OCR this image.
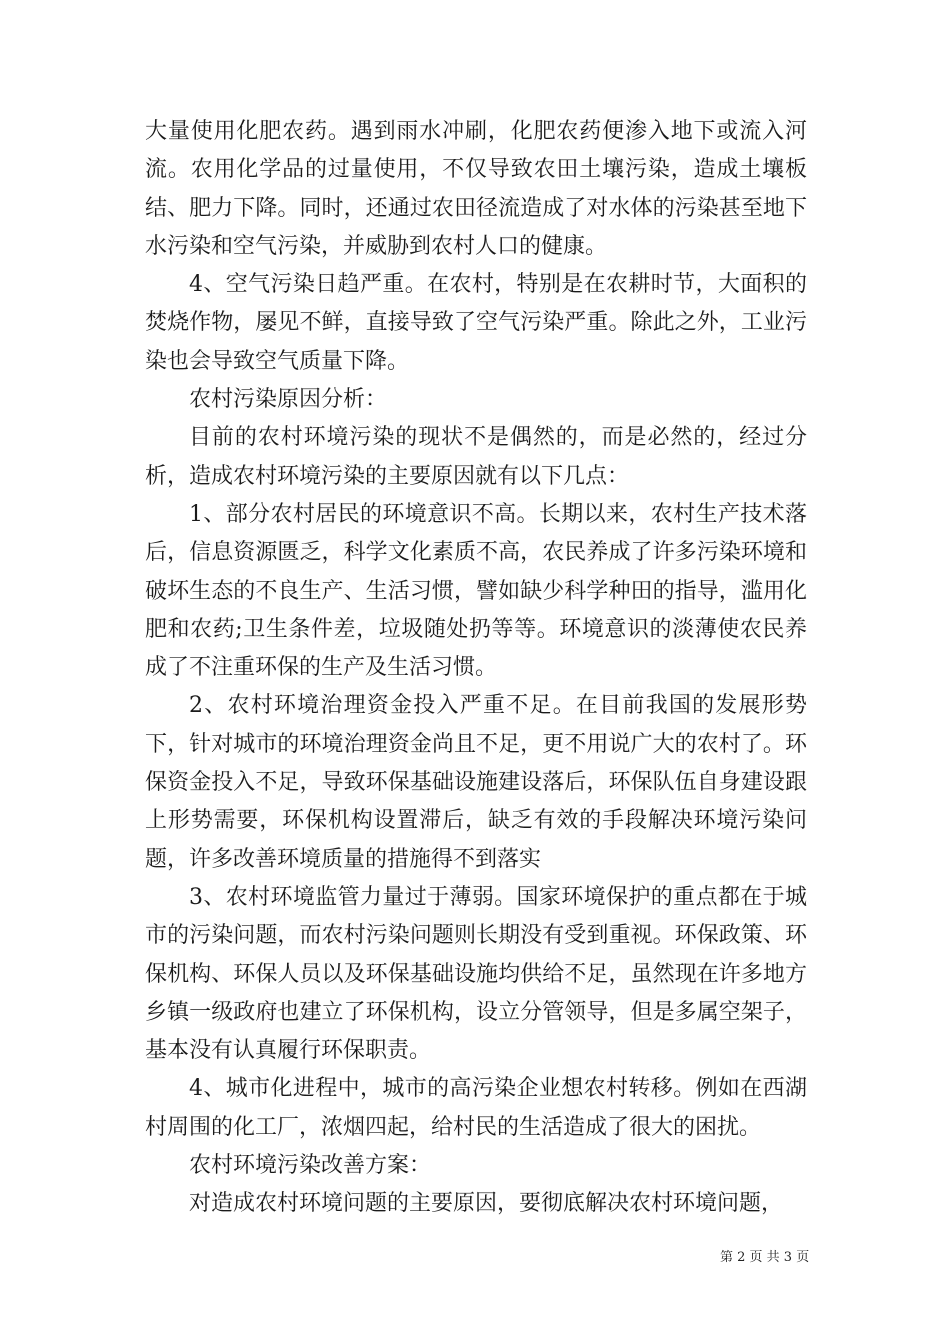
大量使用化肥农药。遇到雨水冲刷，化肥农药便渗入地下或流入河流。农用化学品的过量使用，不仅导致农田土壤污染，造成土壤板结、肥力下降。同时，还通过农田径流造成了对水体的污染甚至地下水污染和空气污染，并威胁到农村人口的健康。

4、空气污染日趋严重。在农村，特别是在农耕时节，大面积的焚烧作物，屡见不鲜，直接导致了空气污染严重。除此之外，工业污染也会导致空气质量下降。

农村污染原因分析：

目前的农村环境污染的现状不是偶然的，而是必然的，经过分析，造成农村环境污染的主要原因就有以下几点：

1、部分农村居民的环境意识不高。长期以来，农村生产技术落后，信息资源匮乏，科学文化素质不高，农民养成了许多污染环境和破坏生态的不良生产、生活习惯，譬如缺少科学种田的指导，滥用化肥和农药;卫生条件差，垃圾随处扔等等。环境意识的淡薄使农民养成了不注重环保的生产及生活习惯。

2、农村环境治理资金投入严重不足。在目前我国的发展形势下，针对城市的环境治理资金尚且不足，更不用说广大的农村了。环保资金投入不足，导致环保基础设施建设落后，环保队伍自身建设跟上形势需要，环保机构设置滞后，缺乏有效的手段解决环境污染问题，许多改善环境质量的措施得不到落实

3、农村环境监管力量过于薄弱。国家环境保护的重点都在于城市的污染问题，而农村污染问题则长期没有受到重视。环保政策、环保机构、环保人员以及环保基础设施均供给不足，虽然现在许多地方乡镇一级政府也建立了环保机构，设立分管领导，但是多属空架子，基本没有认真履行环保职责。

4、城市化进程中，城市的高污染企业想农村转移。例如在西湖村周围的化工厂，浓烟四起，给村民的生活造成了很大的困扰。

农村环境污染改善方案：

对造成农村环境问题的主要原因，要彻底解决农村环境问题，

第 2 页 共 3 页
